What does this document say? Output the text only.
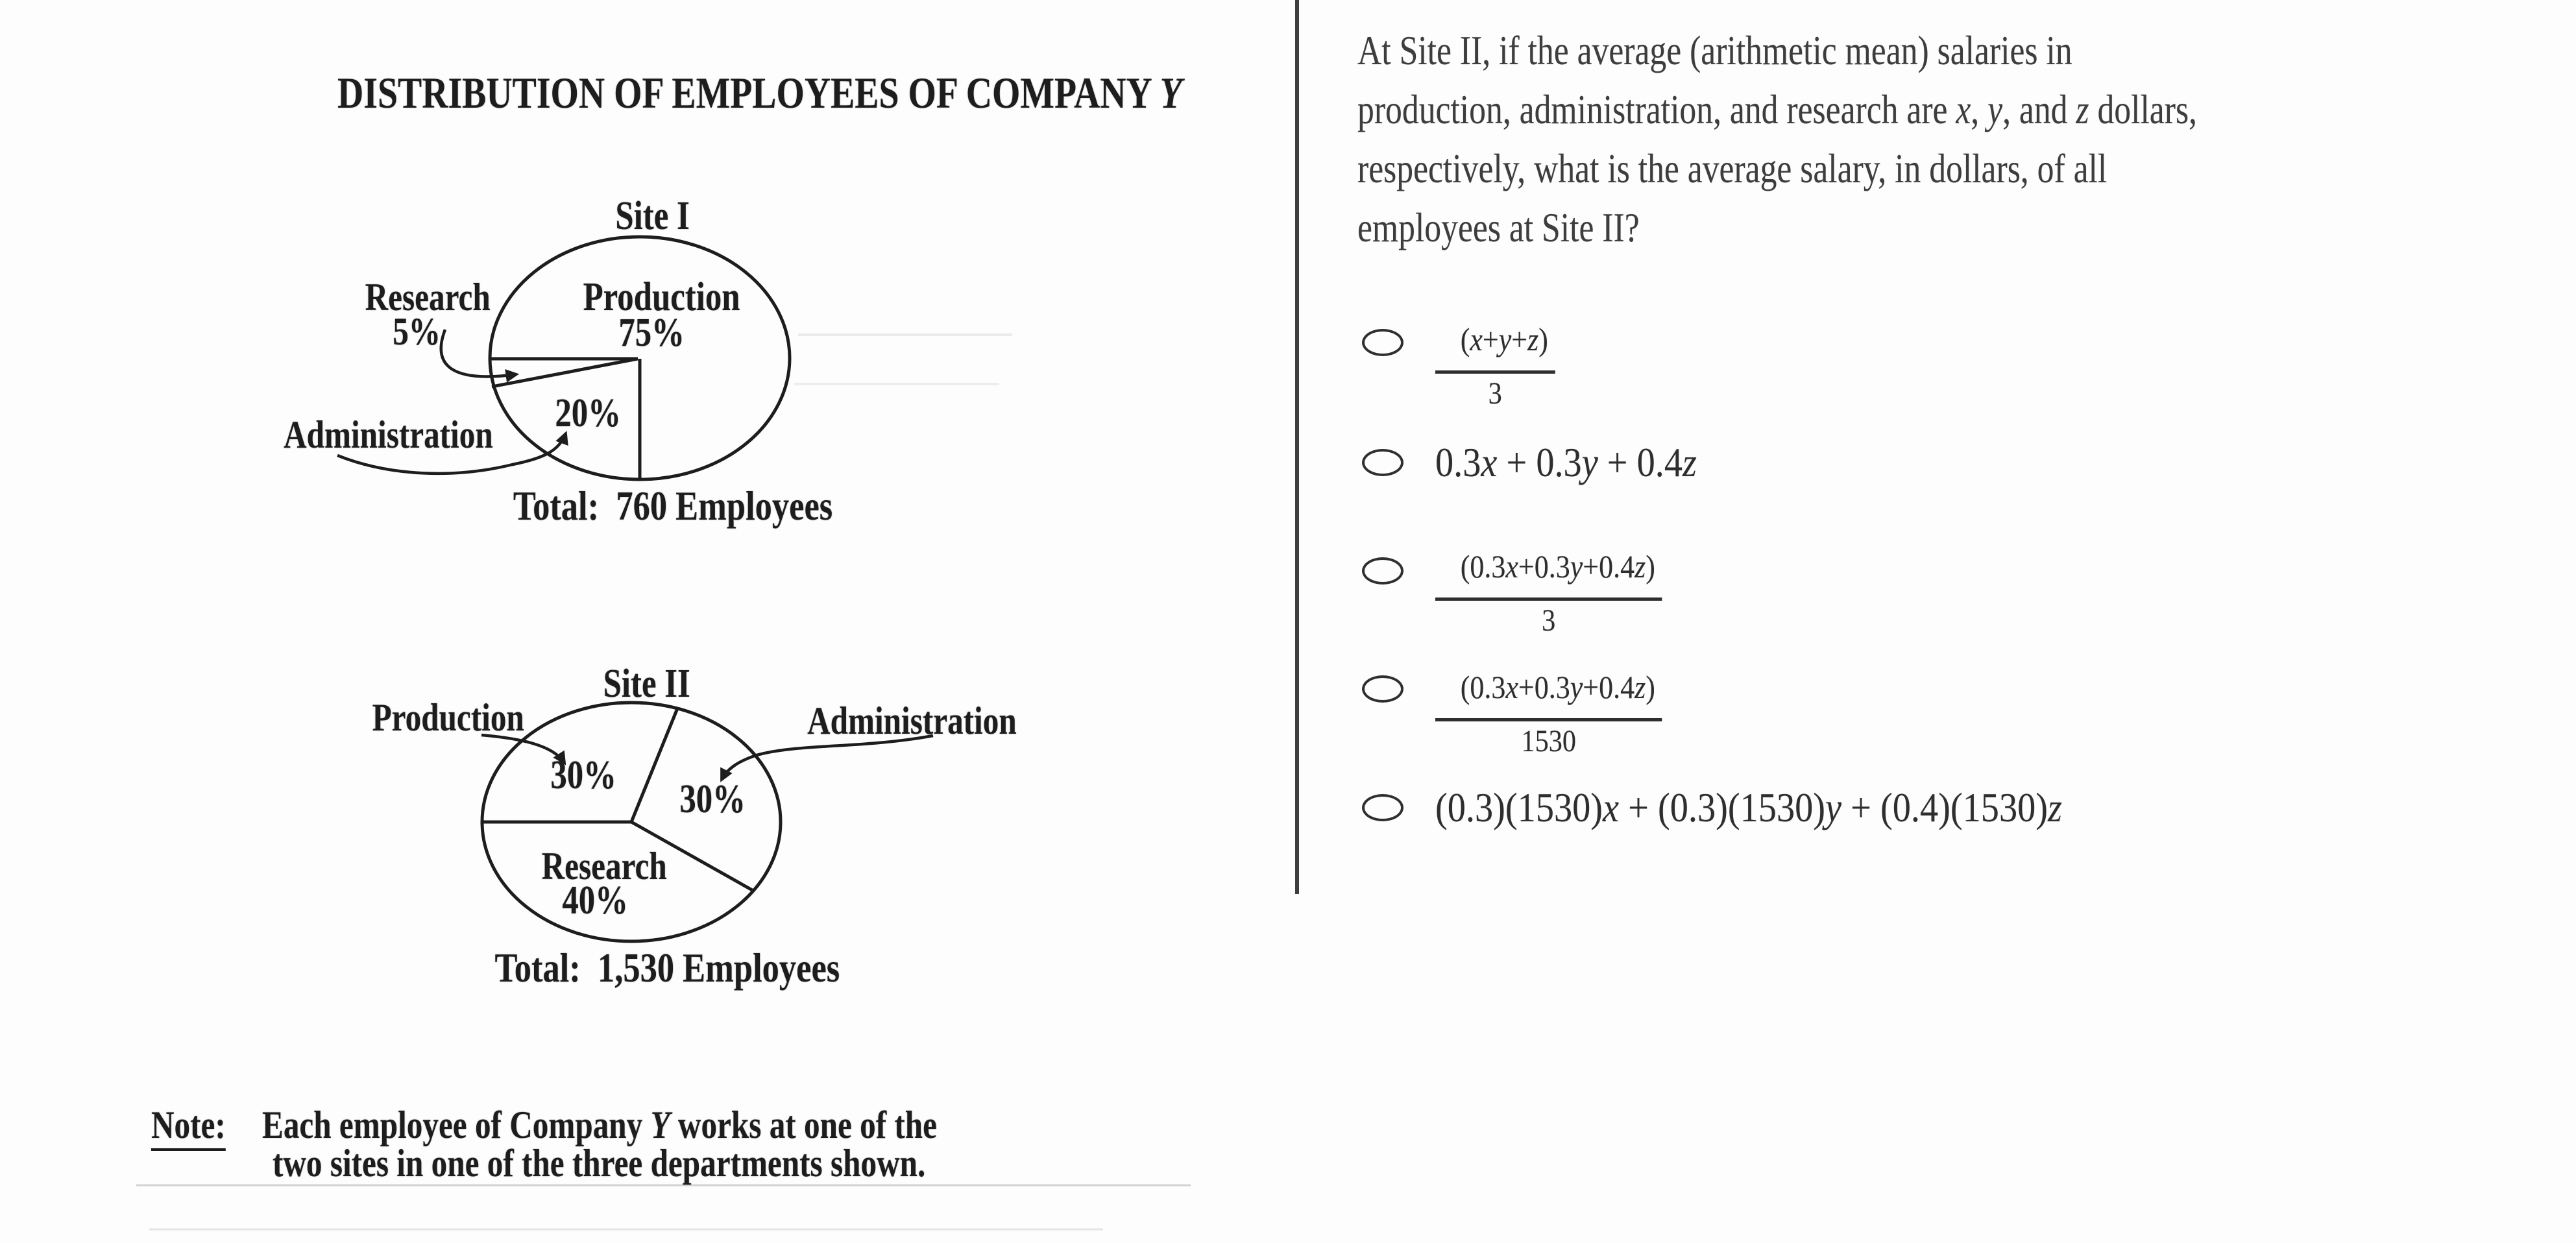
DISTRIBUTION OF EMPLOYEES OF COMPANY Y
Site I
Research
5%
Production
75%
20%
Administration
Total:  760 Employees
Site II
Production
30%
Administration
30%
Research
40%
Total:  1,530 Employees
Note: Each employee of Company Y works at one of the
two sites in one of the three departments shown.
At Site II, if the average (arithmetic mean) salaries in
production, administration, and research are x, y, and z dollars,
respectively, what is the average salary, in dollars, of all
employees at Site II?

$\frac{(x+y+z)}{3}$

0.3x + 0.3y + 0.4z

$\frac{(0.3x+0.3y+0.4z)}{3}$

$\frac{(0.3x+0.3y+0.4z)}{1530}$

(0.3)(1530)x + (0.3)(1530)y + (0.4)(1530)z
